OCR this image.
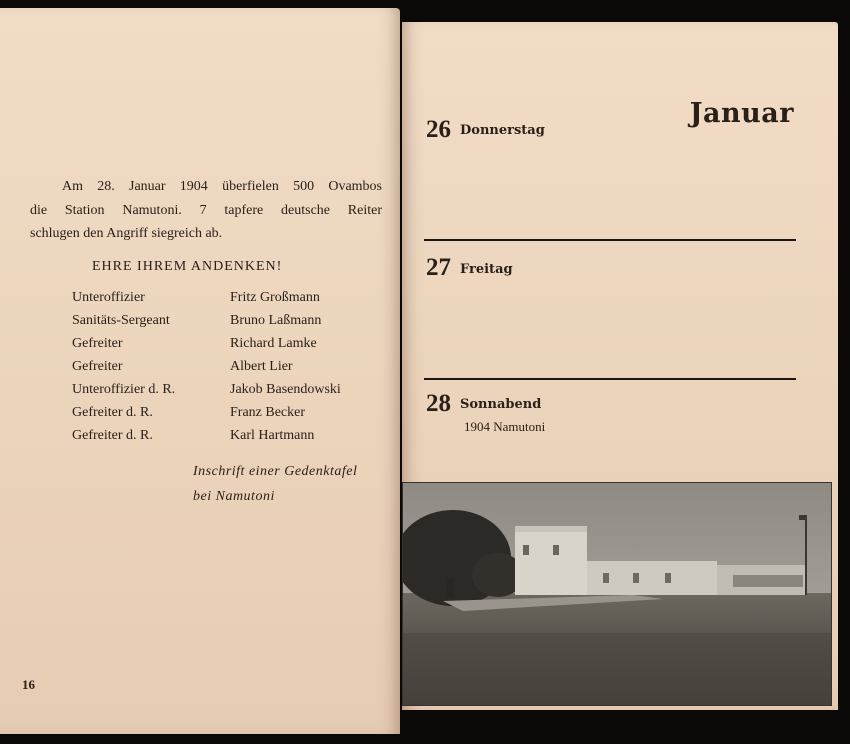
Am 28. Januar 1904 überfielen 500 Ovambos
die Station Namutoni. 7 tapfere deutsche Reiter
schlugen den Angriff siegreich ab.
EHRE IHREM ANDENKEN!
Unteroffizier	Fritz Großmann
Sanitäts-Sergeant	Bruno Laßmann
Gefreiter	Richard Lamke
Gefreiter	Albert Lier
Unteroffizier d. R.	Jakob Basendowski
Gefreiter d. R.	Franz Becker
Gefreiter d. R.	Karl Hartmann
Inschrift einer Gedenktafel
bei Namutoni
16
Januar
26 Donnerstag
27 Freitag
28 Sonnabend
1904 Namutoni
